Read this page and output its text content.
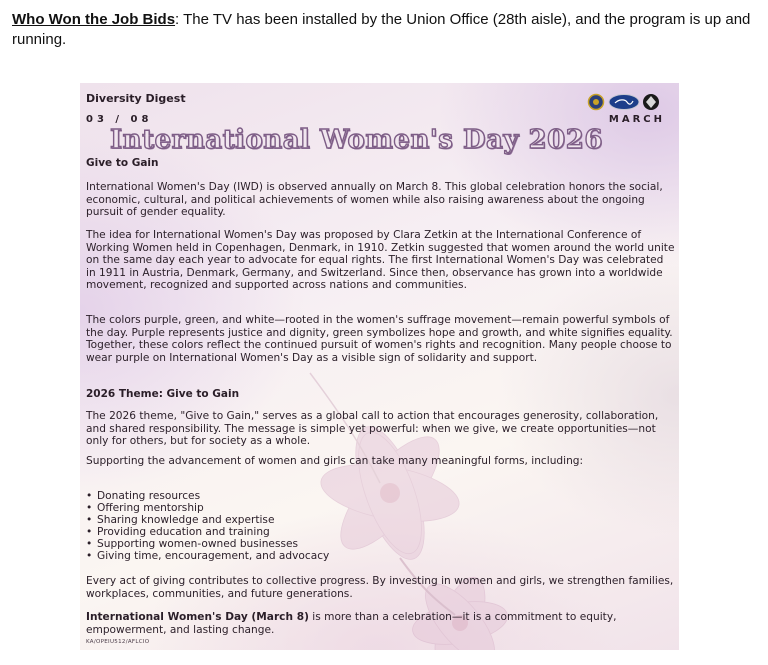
Who Won the Job Bids: The TV has been installed by the Union Office (28th aisle), and the program is up and running.

Diversity Digest

03 / 08	MARCH

International Women's Day 2026

Give to Gain

International Women's Day (IWD) is observed annually on March 8. This global celebration honors the social, economic, cultural, and political achievements of women while also raising awareness about the ongoing pursuit of gender equality.

The idea for International Women's Day was proposed by Clara Zetkin at the International Conference of Working Women held in Copenhagen, Denmark, in 1910. Zetkin suggested that women around the world unite on the same day each year to advocate for equal rights. The first International Women's Day was celebrated in 1911 in Austria, Denmark, Germany, and Switzerland. Since then, observance has grown into a worldwide movement, recognized and supported across nations and communities.

The colors purple, green, and white—rooted in the women's suffrage movement—remain powerful symbols of the day. Purple represents justice and dignity, green symbolizes hope and growth, and white signifies equality. Together, these colors reflect the continued pursuit of women's rights and recognition. Many people choose to wear purple on International Women's Day as a visible sign of solidarity and support.

2026 Theme: Give to Gain

The 2026 theme, "Give to Gain," serves as a global call to action that encourages generosity, collaboration, and shared responsibility. The message is simple yet powerful: when we give, we create opportunities—not only for others, but for society as a whole.

Supporting the advancement of women and girls can take many meaningful forms, including:

• Donating resources
• Offering mentorship
• Sharing knowledge and expertise
• Providing education and training
• Supporting women-owned businesses
• Giving time, encouragement, and advocacy

Every act of giving contributes to collective progress. By investing in women and girls, we strengthen families, workplaces, communities, and future generations.

International Women's Day (March 8) is more than a celebration—it is a commitment to equity, empowerment, and lasting change.

KA/OPEIU512/AFLCIO
